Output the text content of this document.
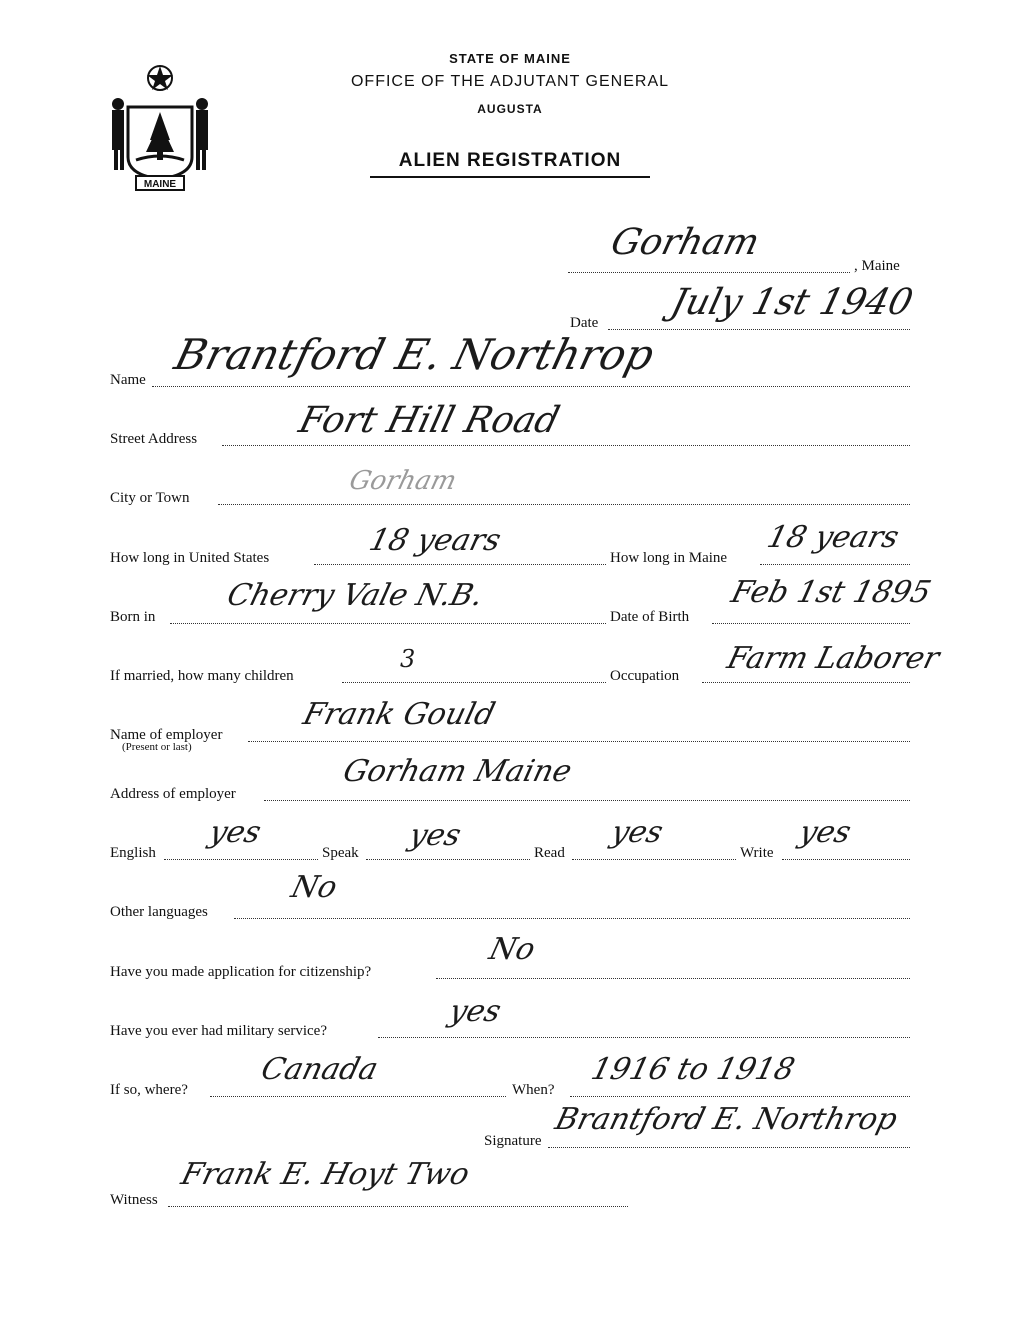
MAINE
STATE OF MAINE
OFFICE OF THE ADJUTANT GENERAL
AUGUSTA
ALIEN REGISTRATION
, Maine
Gorham
Date July 1st 1940
Name
Brantford E. Northrop
Street Address	Fort Hill Road
City or Town
Gorham
How long in United States	How long in Maine
18 years	18 years
Born in	Date of Birth
Cherry Vale N.B.	Feb 1st 1895
If married, how many children	Occupation
3	Farm Laborer
Name of employer
(Present or last)
Frank Gould
Address of employer
Gorham Maine
English	Speak	Read	Write
yes	yes	yes	yes
Other languages
No
Have you made application for citizenship?
No
Have you ever had military service?
yes
If so, where?	When?
Canada	1916 to 1918
Signature
Brantford E. Northrop
Witness
Frank E. Hoyt Two
